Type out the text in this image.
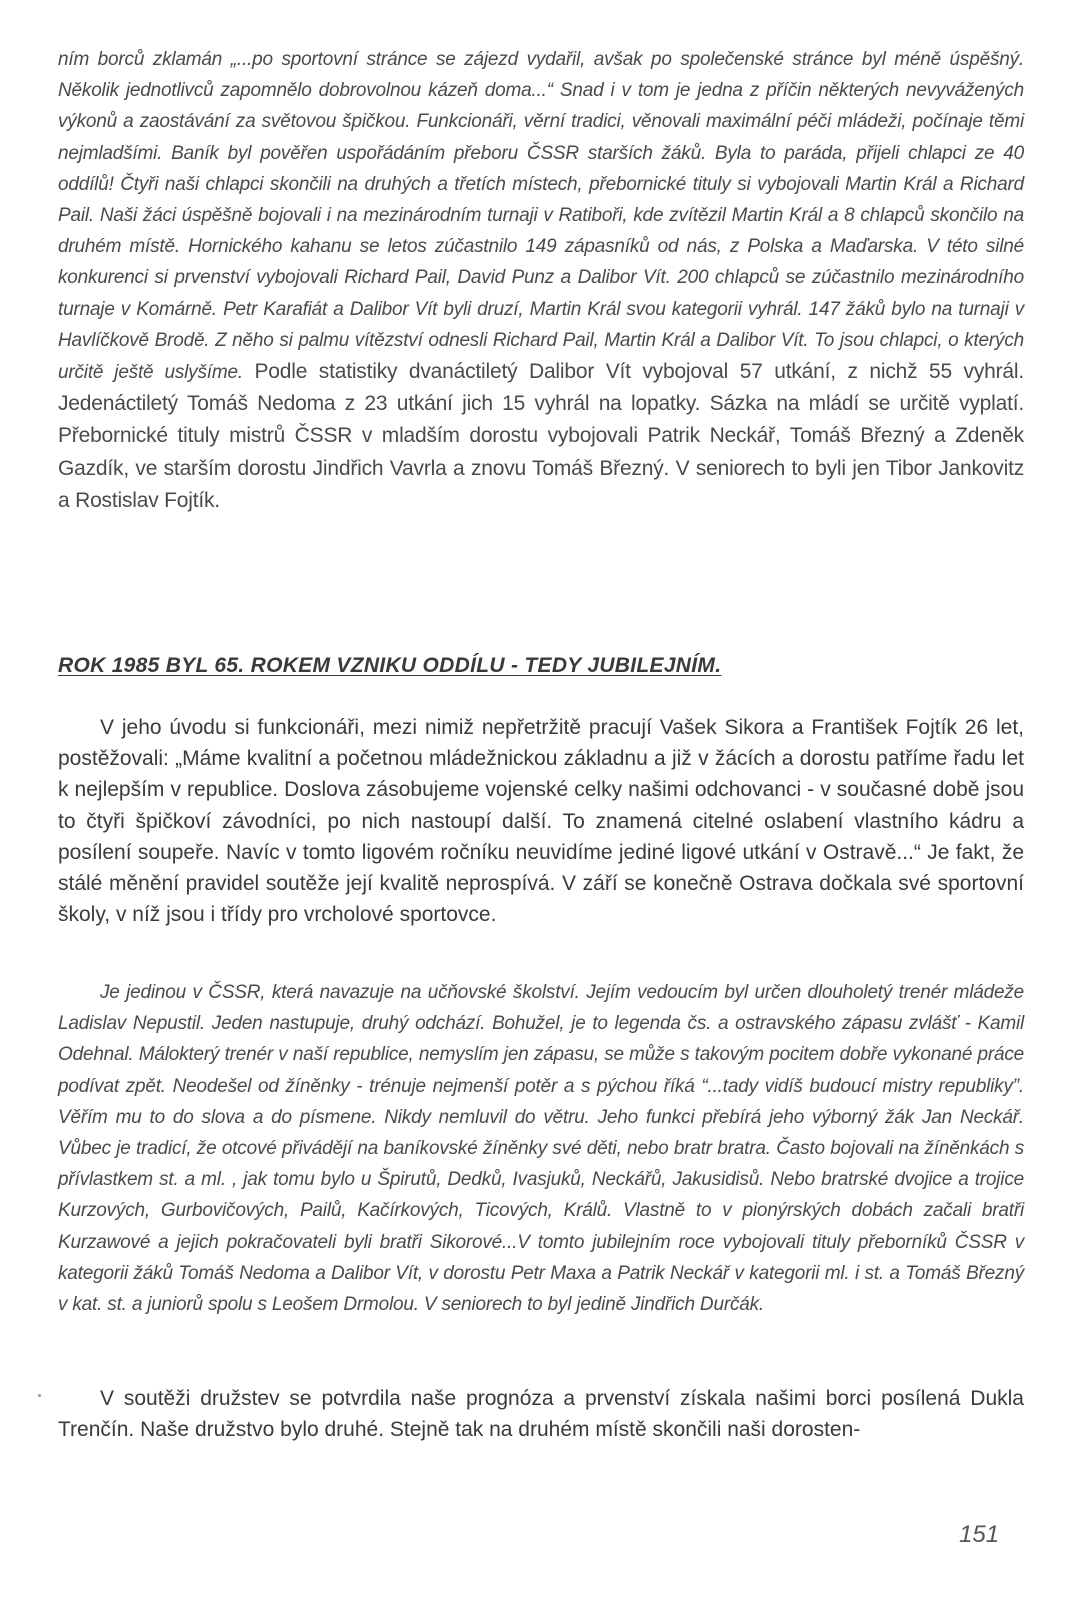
ním borců zklamán „...po sportovní stránce se zájezd vydařil, avšak po společenské stránce byl méně úspěšný. Několik jednotlivců zapomnělo dobrovolnou kázeň doma...“ Snad i v tom je jedna z příčin některých nevyvážených výkonů a zaostávání za světovou špičkou. Funkcionáři, věrní tradici, věnovali maximální péči mládeži, počínaje těmi nejmladšími. Baník byl pověřen uspořádáním přeboru ČSSR starších žáků. Byla to paráda, přijeli chlapci ze 40 oddílů! Čtyři naši chlapci skončili na druhých a třetích místech, přebornické tituly si vybojovali Martin Král a Richard Pail. Naši žáci úspěšně bojovali i na mezinárodním turnaji v Ratiboři, kde zvítězil Martin Král a 8 chlapců skončilo na druhém místě. Hornického kahanu se letos zúčastnilo 149 zápasníků od nás, z Polska a Maďarska. V této silné konkurenci si prvenství vybojovali Richard Pail, David Punz a Dalibor Vít. 200 chlapců se zúčastnilo mezinárodního turnaje v Komárně. Petr Karafiát a Dalibor Vít byli druzí, Martin Král svou kategorii vyhrál. 147 žáků bylo na turnaji v Havlíčkově Brodě. Z něho si palmu vítězství odnesli Richard Pail, Martin Král a Dalibor Vít. To jsou chlapci, o kterých určitě ještě uslyšíme. Podle statistiky dvanáctiletý Dalibor Vít vybojoval 57 utkání, z nichž 55 vyhrál. Jedenáctiletý Tomáš Nedoma z 23 utkání jich 15 vyhrál na lopatky. Sázka na mládí se určitě vyplatí. Přebornické tituly mistrů ČSSR v mladším dorostu vybojovali Patrik Neckář, Tomáš Březný a Zdeněk Gazdík, ve starším dorostu Jindřich Vavrla a znovu Tomáš Březný. V seniorech to byli jen Tibor Jankovitz a Rostislav Fojtík.

ROK 1985 BYL 65. ROKEM VZNIKU ODDÍLU - TEDY JUBILEJNÍM.

V jeho úvodu si funkcionáři, mezi nimiž nepřetržitě pracují Vašek Sikora a František Fojtík 26 let, postěžovali: „Máme kvalitní a početnou mládežnickou základnu a již v žácích a dorostu patříme řadu let k nejlepším v republice. Doslova zásobujeme vojenské celky našimi odchovanci - v současné době jsou to čtyři špičkoví závodníci, po nich nastoupí další. To znamená citelné oslabení vlastního kádru a posílení soupeře. Navíc v tomto ligovém ročníku neuvidíme jediné ligové utkání v Ostravě...“ Je fakt, že stálé měnění pravidel soutěže její kvalitě neprospívá. V září se konečně Ostrava dočkala své sportovní školy, v níž jsou i třídy pro vrcholové sportovce.

Je jedinou v ČSSR, která navazuje na učňovské školství. Jejím vedoucím byl určen dlouholetý trenér mládeže Ladislav Nepustil. Jeden nastupuje, druhý odchází. Bohužel, je to legenda čs. a ostravského zápasu zvlášť - Kamil Odehnal. Málokterý trenér v naší republice, nemyslím jen zápasu, se může s takovým pocitem dobře vykonané práce podívat zpět. Neodešel od žíněnky - trénuje nejmenší potěr a s pýchou říká “...tady vidíš budoucí mistry republiky”. Věřím mu to do slova a do písmene. Nikdy nemluvil do větru. Jeho funkci přebírá jeho výborný žák Jan Neckář. Vůbec je tradicí, že otcové přivádějí na baníkovské žíněnky své děti, nebo bratr bratra. Často bojovali na žíněnkách s přívlastkem st. a ml. , jak tomu bylo u Špirutů, Dedků, Ivasjuků, Neckářů, Jakusidisů. Nebo bratrské dvojice a trojice Kurzových, Gurbovičových, Pailů, Kačírkových, Ticových, Králů. Vlastně to v pionýrských dobách začali bratři Kurzawové a jejich pokračovateli byli bratři Sikorové...V tomto jubilejním roce vybojovali tituly přeborníků ČSSR v kategorii žáků Tomáš Nedoma a Dalibor Vít, v dorostu Petr Maxa a Patrik Neckář v kategorii ml. i st. a Tomáš Březný v kat. st. a juniorů spolu s Leošem Drmolou. V seniorech to byl jedině Jindřich Durčák.

V soutěži družstev se potvrdila naše prognóza a prvenství získala našimi borci posílená Dukla Trenčín. Naše družstvo bylo druhé. Stejně tak na druhém místě skončili naši dorosten-

151
